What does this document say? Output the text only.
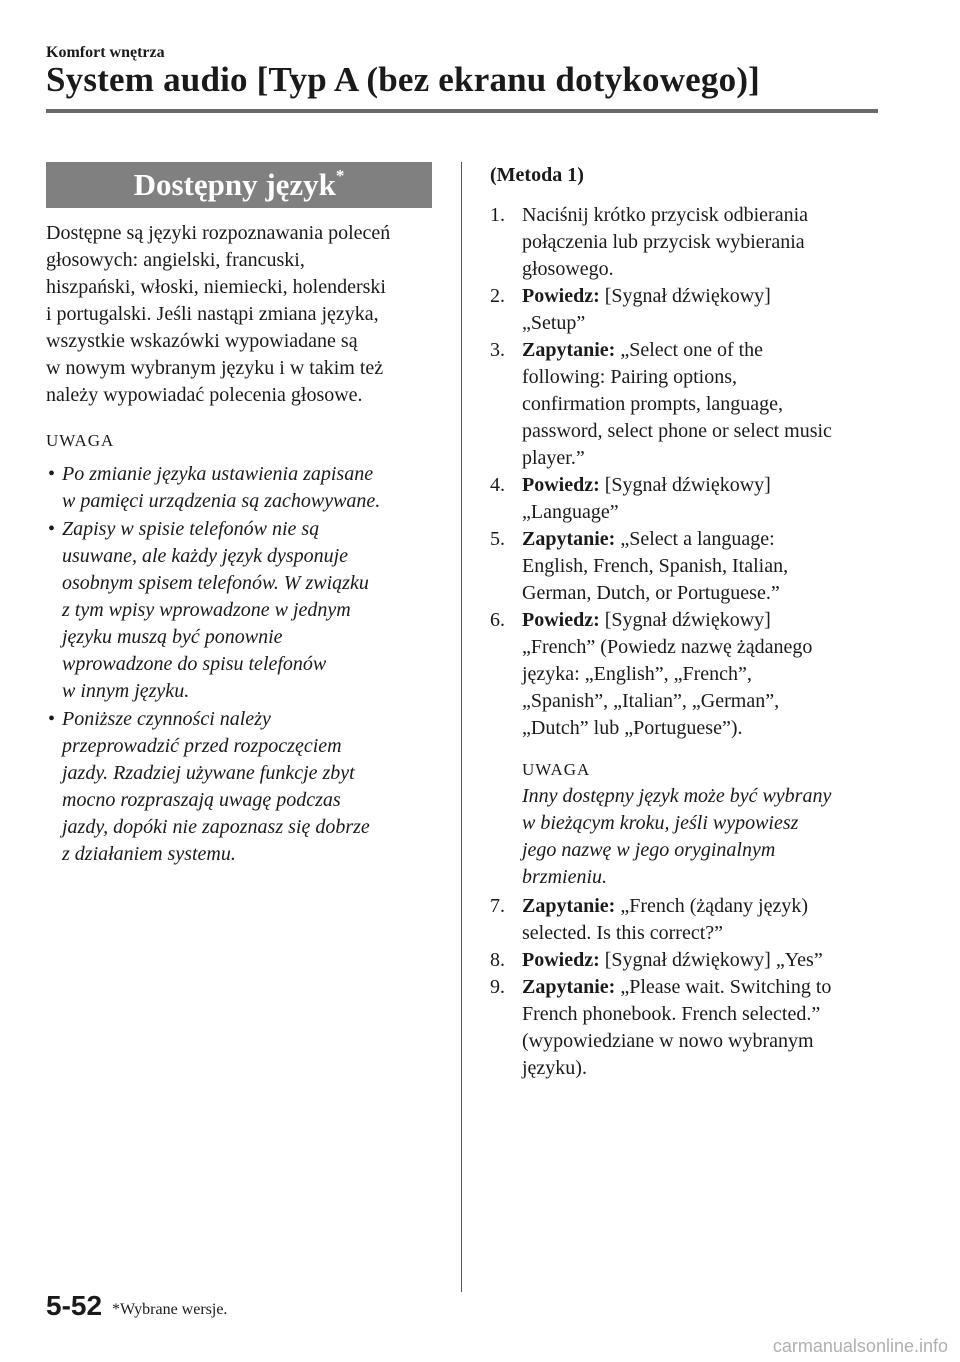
Komfort wnętrza
System audio [Typ A (bez ekranu dotykowego)]
Dostępny język*
Dostępne są języki rozpoznawania poleceń
głosowych: angielski, francuski,
hiszpański, włoski, niemiecki, holenderski
i portugalski. Jeśli nastąpi zmiana języka,
wszystkie wskazówki wypowiadane są
w nowym wybranym języku i w takim też
należy wypowiadać polecenia głosowe.
UWAGA
• Po zmianie języka ustawienia zapisane
w pamięci urządzenia są zachowywane.
• Zapisy w spisie telefonów nie są
usuwane, ale każdy język dysponuje
osobnym spisem telefonów. W związku
z tym wpisy wprowadzone w jednym
języku muszą być ponownie
wprowadzone do spisu telefonów
w innym języku.
• Poniższe czynności należy
przeprowadzić przed rozpoczęciem
jazdy. Rzadziej używane funkcje zbyt
mocno rozpraszają uwagę podczas
jazdy, dopóki nie zapoznasz się dobrze
z działaniem systemu.
(Metoda 1)
1. Naciśnij krótko przycisk odbierania
połączenia lub przycisk wybierania
głosowego.
2. Powiedz: [Sygnał dźwiękowy]
„Setup”
3. Zapytanie: „Select one of the
following: Pairing options,
confirmation prompts, language,
password, select phone or select music
player.”
4. Powiedz: [Sygnał dźwiękowy]
„Language”
5. Zapytanie: „Select a language:
English, French, Spanish, Italian,
German, Dutch, or Portuguese.”
6. Powiedz: [Sygnał dźwiękowy]
„French” (Powiedz nazwę żądanego
języka: „English”, „French”,
„Spanish”, „Italian”, „German”,
„Dutch” lub „Portuguese”).
UWAGA
Inny dostępny język może być wybrany
w bieżącym kroku, jeśli wypowiesz
jego nazwę w jego oryginalnym
brzmieniu.
7. Zapytanie: „French (żądany język)
selected. Is this correct?”
8. Powiedz: [Sygnał dźwiękowy] „Yes”
9. Zapytanie: „Please wait. Switching to
French phonebook. French selected.”
(wypowiedziane w nowo wybranym
języku).
5-52 *Wybrane wersje.
carmanualsonline.info
